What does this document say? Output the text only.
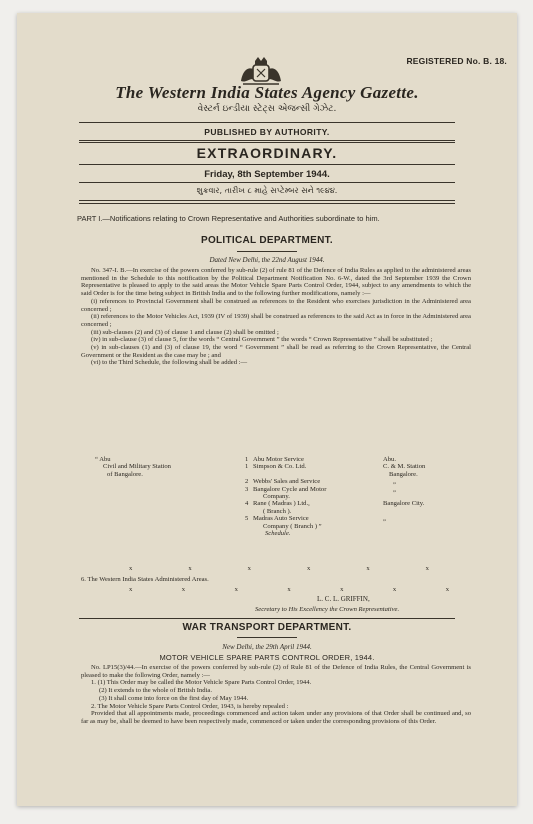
REGISTERED No. B. 18.
The Western India States Agency Gazette.
વેસ્ટર્ન ઇન્ડીયા સ્ટેટ્સ એજન્સી ગેઝેટ.
PUBLISHED BY AUTHORITY.
EXTRAORDINARY.
Friday, 8th September 1944.
શુક્રવાર, તારીખ ૮ માહે સપ્ટેમ્બર સને ૧૯૪૪.
PART I.—Notifications relating to Crown Representative and Authorities subordinate to him.
POLITICAL DEPARTMENT.
Dated New Delhi, the 22nd August 1944.

No. 347-I. B.—In exercise of the powers conferred by sub-rule (2) of rule 81 of the Defence of India Rules as applied to the administered areas mentioned in the Schedule to this notification by the Political Department Notification No. 6-W., dated the 3rd September 1939 the Crown Representative is pleased to apply to the said areas the Motor Vehicle Spare Parts Control Order, 1944, subject to any amendments to which the said Order is for the time being subject in British India and to the following further modifications, namely :—

(i) references to Provincial Government shall be construed as references to the Resident who exercises jurisdiction in the Administered area concerned ;

(ii) references to the Motor Vehicles Act, 1939 (IV of 1939) shall be construed as references to the said Act as in force in the Administered area concerned ;

(iii) sub-clauses (2) and (3) of clause 1 and clause (2) shall be omitted ;

(iv) in sub-clause (3) of clause 5, for the words “ Central Government ” the words “ Crown Representative ” shall be substituted ;

(v) in sub-clauses (1) and (3) of clause 19, the word “ Government ” shall be read as referring to the Crown Representative, the Central Government or the Resident as the case may be ; and

(vi) to the Third Schedule, the following shall be added :—

“ Abu
Civil and Military Station
of Bangalore.
1 Abu Motor Service	Abu.
1 Simpson & Co. Ltd.	C. & M. Station
Bangalore.
2 Webbs' Sales and Service	„
3 Bangalore Cycle and Motor	„
Company.
4 Rane ( Madras ) Ltd.,	Bangalore City.
( Branch ).
5 Madras Auto Service	„
Company ( Branch ) ”
Schedule.
x	x	x	x	x	x
6. The Western India States Administered Areas.
x	x	x	x	x	x	x
L. C. L. GRIFFIN,
Secretary to His Excellency the Crown Representative.
WAR TRANSPORT DEPARTMENT.
New Delhi, the 29th April 1944.
MOTOR VEHICLE SPARE PARTS CONTROL ORDER, 1944.

No. LP15(3)/44.—In exercise of the powers conferred by sub-rule (2) of Rule 81 of the Defence of India Rules, the Central Government is pleased to make the following Order, namely :—

1. (1) This Order may be called the Motor Vehicle Spare Parts Control Order, 1944.

(2) It extends to the whole of British India.

(3) It shall come into force on the first day of May 1944.

2. The Motor Vehicle Spare Parts Control Order, 1943, is hereby repealed :

Provided that all appointments made, proceedings commenced and action taken under any provisions of that Order shall be continued and, so far as may be, shall be deemed to have been respectively made, commenced or taken under the corresponding provisions of this Order.
